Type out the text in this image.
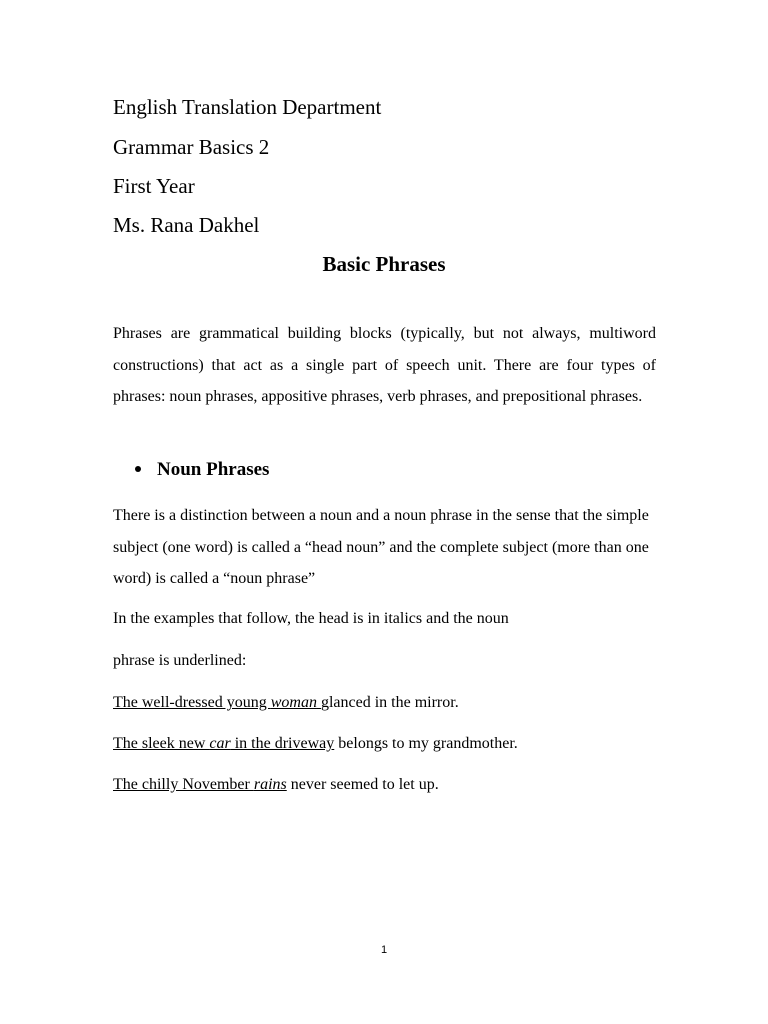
English Translation Department
Grammar Basics 2
First Year
Ms. Rana Dakhel
Basic Phrases
Phrases are grammatical building blocks (typically, but not always, multiword constructions) that act as a single part of speech unit. There are four types of phrases: noun phrases, appositive phrases, verb phrases, and prepositional phrases.
Noun Phrases
There is a distinction between a noun and a noun phrase in the sense that the simple subject (one word) is called a “head noun” and the complete subject (more than one word) is called a “noun phrase”
In the examples that follow, the head is in italics and the noun
phrase is underlined:
The well-dressed young woman glanced in the mirror.
The sleek new car in the driveway belongs to my grandmother.
The chilly November rains never seemed to let up.
1
